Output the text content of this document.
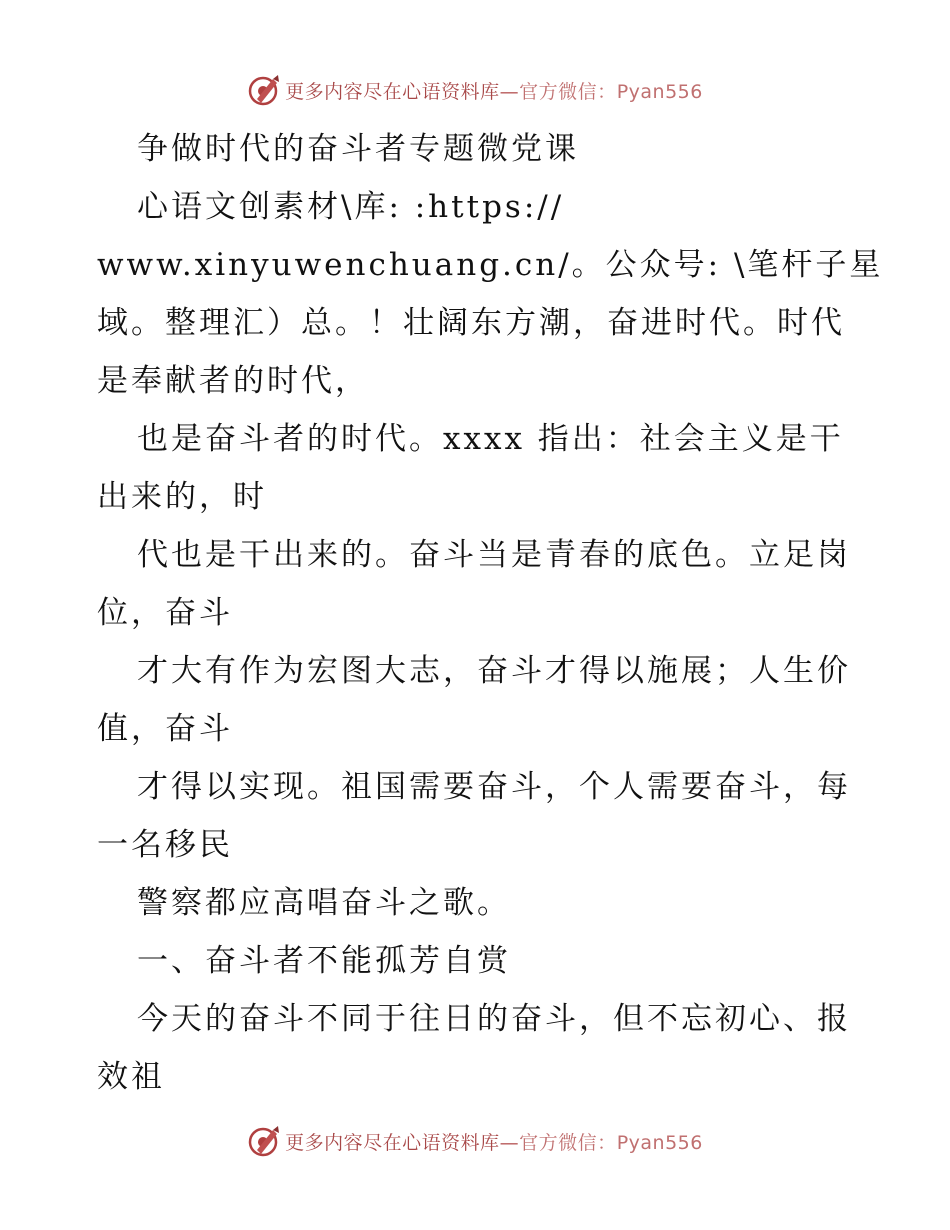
更多内容尽在心语资料库—官方微信：Pyan556
争做时代的奋斗者专题微党课
心语文创素材\库: :https://
www.xinyuwenchuang.cn/。公众号: \笔杆子星
域。整理汇）总。！壮阔东方潮，奋进时代。时代
是奉献者的时代，
也是奋斗者的时代。xxxx 指出：社会主义是干
出来的，时
代也是干出来的。奋斗当是青春的底色。立足岗
位，奋斗
才大有作为宏图大志，奋斗才得以施展；人生价
值，奋斗
才得以实现。祖国需要奋斗，个人需要奋斗，每
一名移民
警察都应高唱奋斗之歌。
一、奋斗者不能孤芳自赏
今天的奋斗不同于往日的奋斗，但不忘初心、报
效祖
更多内容尽在心语资料库—官方微信：Pyan556
